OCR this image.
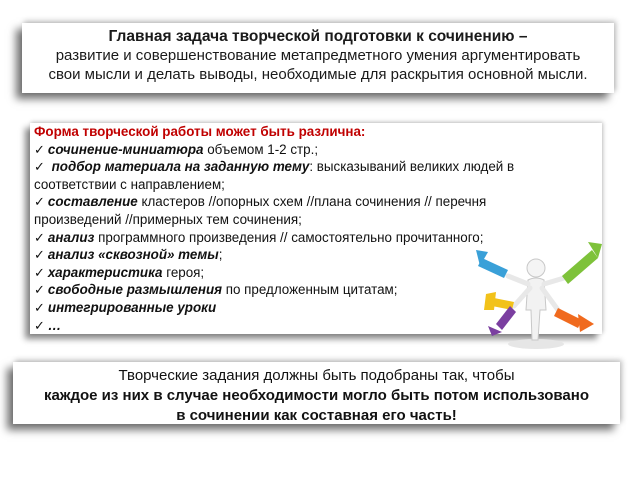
Главная задача творческой подготовки к сочинению –
развитие и совершенствование метапредметного умения аргументировать
свои мысли и делать выводы, необходимые для раскрытия основной мысли.
Форма творческой работы может быть различна:
✓ сочинение-миниатюра объемом 1-2 стр.;
✓ подбор материала на заданную тему: высказываний великих людей в
соответствии с направлением;
✓ составление кластеров //опорных схем //плана сочинения // перечня
произведений //примерных тем сочинения;
✓ анализ программного произведения // самостоятельно прочитанного;
✓ анализ «сквозной» темы;
✓ характеристика героя;
✓ свободные размышления по предложенным цитатам;
✓ интегрированные уроки
✓ …
Творческие задания должны быть подобраны так, чтобы
каждое из них в случае необходимости могло быть потом использовано
в сочинении как составная его часть!
